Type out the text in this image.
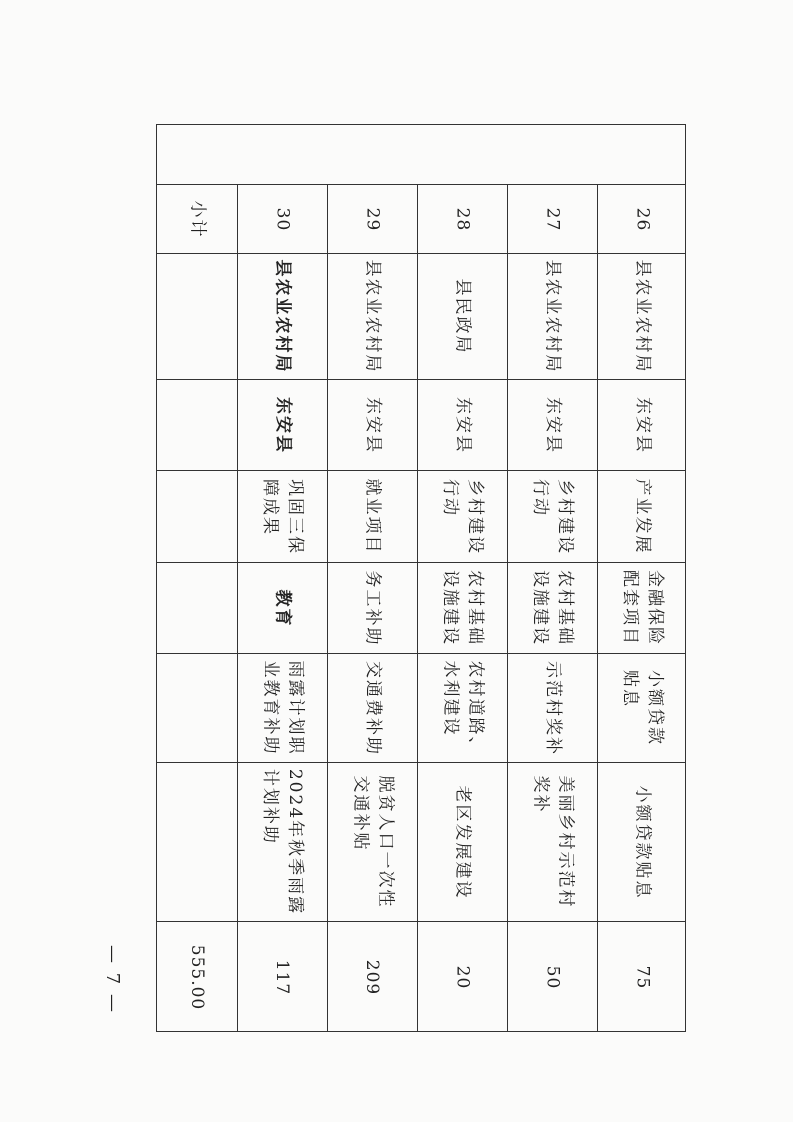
26
县农业农村局
东安县
产业发展
金融保险
配套项目
小额贷款
贴息
小额贷款贴息
75
27
县农业农村局
东安县
乡村建设
行动
农村基础
设施建设
示范村奖补
美丽乡村示范村
奖补
50
28
县民政局
东安县
乡村建设
行动
农村基础
设施建设
农村道路、
水利建设
老区发展建设
20
29
县农业农村局
东安县
就业项目
务工补助
交通费补助
脱贫人口一次性
交通补贴
209
30
县农业农村局
东安县
巩固三保
障成果
教育
雨露计划职
业教育补助
2024年秋季雨露
计划补助
117
小计
555.00
— 7 —
